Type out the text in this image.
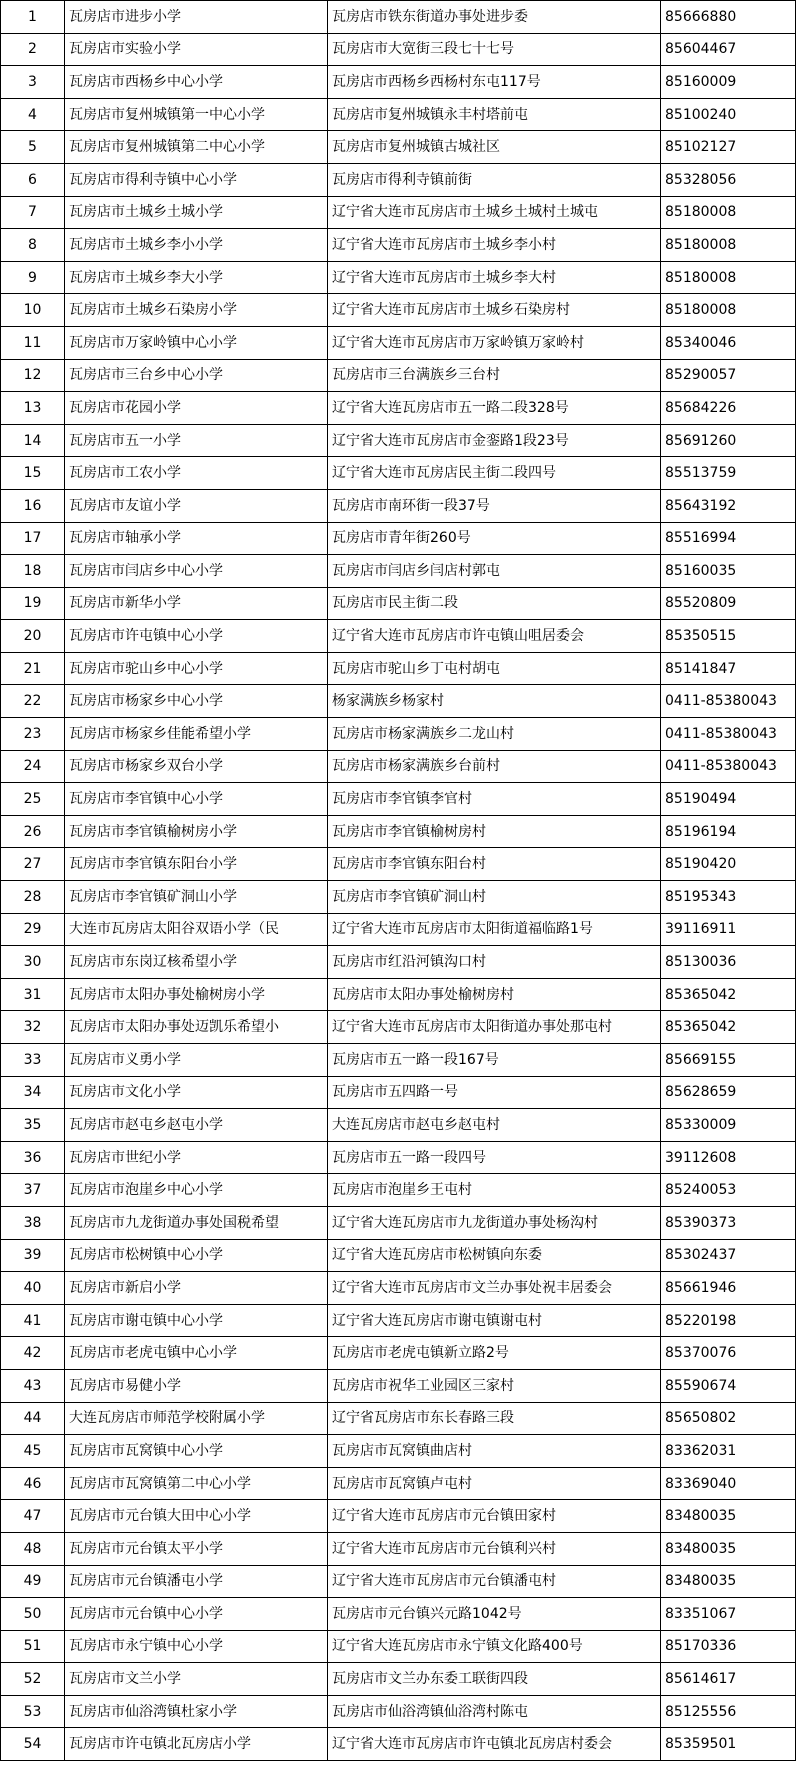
1	瓦房店市进步小学	瓦房店市铁东街道办事处进步委	85666880
2	瓦房店市实验小学	瓦房店市大宽街三段七十七号	85604467
3	瓦房店市西杨乡中心小学	瓦房店市西杨乡西杨村东屯117号	85160009
4	瓦房店市复州城镇第一中心小学	瓦房店市复州城镇永丰村塔前屯	85100240
5	瓦房店市复州城镇第二中心小学	瓦房店市复州城镇古城社区	85102127
6	瓦房店市得利寺镇中心小学	瓦房店市得利寺镇前街	85328056
7	瓦房店市土城乡土城小学	辽宁省大连市瓦房店市土城乡土城村土城屯	85180008
8	瓦房店市土城乡李小小学	辽宁省大连市瓦房店市土城乡李小村	85180008
9	瓦房店市土城乡李大小学	辽宁省大连市瓦房店市土城乡李大村	85180008
10	瓦房店市土城乡石染房小学	辽宁省大连市瓦房店市土城乡石染房村	85180008
11	瓦房店市万家岭镇中心小学	辽宁省大连市瓦房店市万家岭镇万家岭村	85340046
12	瓦房店市三台乡中心小学	瓦房店市三台满族乡三台村	85290057
13	瓦房店市花园小学	辽宁省大连瓦房店市五一路二段328号	85684226
14	瓦房店市五一小学	辽宁省大连市瓦房店市金銮路1段23号	85691260
15	瓦房店市工农小学	辽宁省大连市瓦房店民主街二段四号	85513759
16	瓦房店市友谊小学	瓦房店市南环街一段37号	85643192
17	瓦房店市轴承小学	瓦房店市青年街260号	85516994
18	瓦房店市闫店乡中心小学	瓦房店市闫店乡闫店村郭屯	85160035
19	瓦房店市新华小学	瓦房店市民主街二段	85520809
20	瓦房店市许屯镇中心小学	辽宁省大连市瓦房店市许屯镇山咀居委会	85350515
21	瓦房店市驼山乡中心小学	瓦房店市驼山乡丁屯村胡屯	85141847
22	瓦房店市杨家乡中心小学	杨家满族乡杨家村	0411-85380043
23	瓦房店市杨家乡佳能希望小学	瓦房店市杨家满族乡二龙山村	0411-85380043
24	瓦房店市杨家乡双台小学	瓦房店市杨家满族乡台前村	0411-85380043
25	瓦房店市李官镇中心小学	瓦房店市李官镇李官村	85190494
26	瓦房店市李官镇榆树房小学	瓦房店市李官镇榆树房村	85196194
27	瓦房店市李官镇东阳台小学	瓦房店市李官镇东阳台村	85190420
28	瓦房店市李官镇矿洞山小学	瓦房店市李官镇矿洞山村	85195343
29	大连市瓦房店太阳谷双语小学（民	辽宁省大连市瓦房店市太阳街道福临路1号	39116911
30	瓦房店市东岗辽核希望小学	瓦房店市红沿河镇沟口村	85130036
31	瓦房店市太阳办事处榆树房小学	瓦房店市太阳办事处榆树房村	85365042
32	瓦房店市太阳办事处迈凯乐希望小	辽宁省大连市瓦房店市太阳街道办事处那屯村	85365042
33	瓦房店市义勇小学	瓦房店市五一路一段167号	85669155
34	瓦房店市文化小学	瓦房店市五四路一号	85628659
35	瓦房店市赵屯乡赵屯小学	大连瓦房店市赵屯乡赵屯村	85330009
36	瓦房店市世纪小学	瓦房店市五一路一段四号	39112608
37	瓦房店市泡崖乡中心小学	瓦房店市泡崖乡王屯村	85240053
38	瓦房店市九龙街道办事处国税希望	辽宁省大连瓦房店市九龙街道办事处杨沟村	85390373
39	瓦房店市松树镇中心小学	辽宁省大连瓦房店市松树镇向东委	85302437
40	瓦房店市新启小学	辽宁省大连市瓦房店市文兰办事处祝丰居委会	85661946
41	瓦房店市谢屯镇中心小学	辽宁省大连瓦房店市谢屯镇谢屯村	85220198
42	瓦房店市老虎屯镇中心小学	瓦房店市老虎屯镇新立路2号	85370076
43	瓦房店市易健小学	瓦房店市祝华工业园区三家村	85590674
44	大连瓦房店市师范学校附属小学	辽宁省瓦房店市东长春路三段	85650802
45	瓦房店市瓦窝镇中心小学	瓦房店市瓦窝镇曲店村	83362031
46	瓦房店市瓦窝镇第二中心小学	瓦房店市瓦窝镇卢屯村	83369040
47	瓦房店市元台镇大田中心小学	辽宁省大连市瓦房店市元台镇田家村	83480035
48	瓦房店市元台镇太平小学	辽宁省大连市瓦房店市元台镇利兴村	83480035
49	瓦房店市元台镇潘屯小学	辽宁省大连市瓦房店市元台镇潘屯村	83480035
50	瓦房店市元台镇中心小学	瓦房店市元台镇兴元路1042号	83351067
51	瓦房店市永宁镇中心小学	辽宁省大连瓦房店市永宁镇文化路400号	85170336
52	瓦房店市文兰小学	瓦房店市文兰办东委工联街四段	85614617
53	瓦房店市仙浴湾镇杜家小学	瓦房店市仙浴湾镇仙浴湾村陈屯	85125556
54	瓦房店市许屯镇北瓦房店小学	辽宁省大连市瓦房店市许屯镇北瓦房店村委会	85359501
